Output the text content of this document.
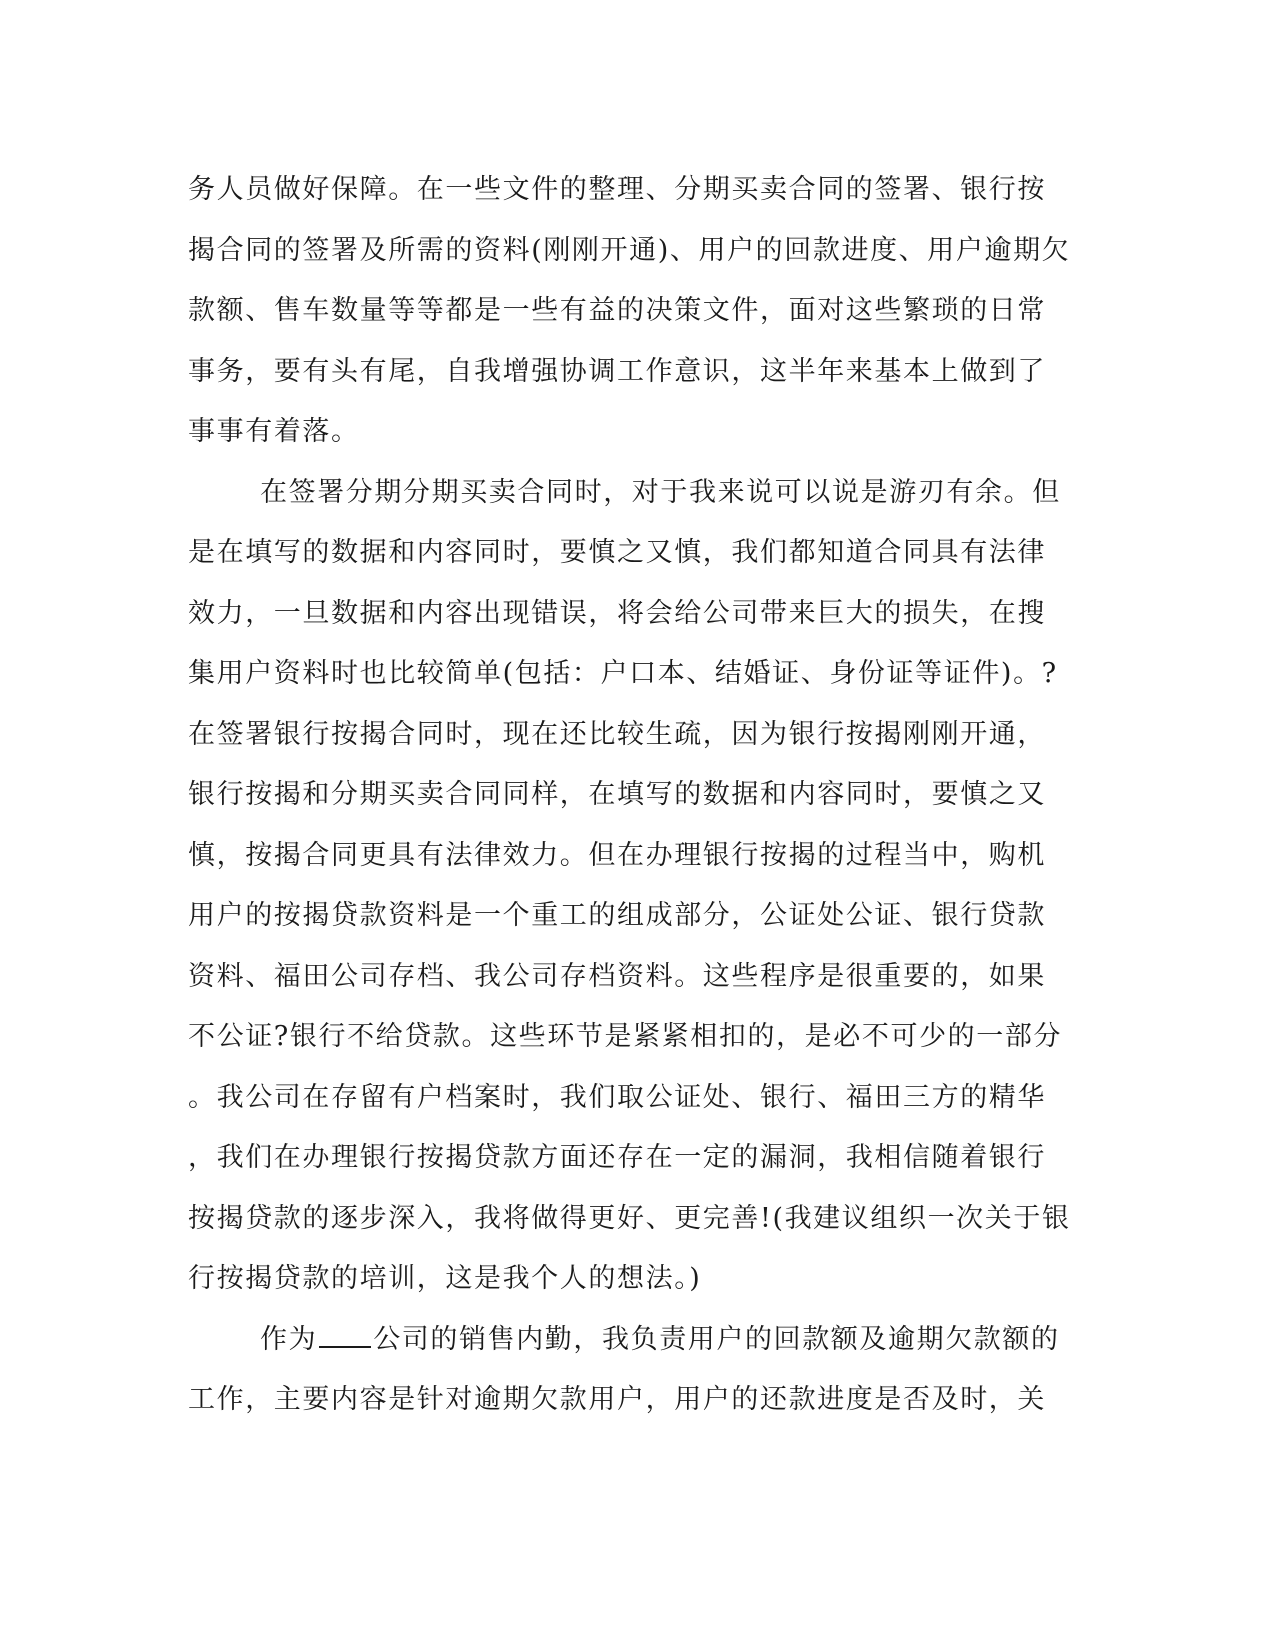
务人员做好保障。在一些文件的整理、分期买卖合同的签署、银行按
揭合同的签署及所需的资料(刚刚开通)、用户的回款进度、用户逾期欠
款额、售车数量等等都是一些有益的决策文件，面对这些繁琐的日常
事务，要有头有尾，自我增强协调工作意识，这半年来基本上做到了
事事有着落。
在签署分期分期买卖合同时，对于我来说可以说是游刃有余。但
是在填写的数据和内容同时，要慎之又慎，我们都知道合同具有法律
效力，一旦数据和内容出现错误，将会给公司带来巨大的损失，在搜
集用户资料时也比较简单(包括：户口本、结婚证、身份证等证件)。?
在签署银行按揭合同时，现在还比较生疏，因为银行按揭刚刚开通，
银行按揭和分期买卖合同同样，在填写的数据和内容同时，要慎之又
慎，按揭合同更具有法律效力。但在办理银行按揭的过程当中，购机
用户的按揭贷款资料是一个重工的组成部分，公证处公证、银行贷款
资料、福田公司存档、我公司存档资料。这些程序是很重要的，如果
不公证?银行不给贷款。这些环节是紧紧相扣的，是必不可少的一部分
。我公司在存留有户档案时，我们取公证处、银行、福田三方的精华
，我们在办理银行按揭贷款方面还存在一定的漏洞，我相信随着银行
按揭贷款的逐步深入，我将做得更好、更完善!(我建议组织一次关于银
行按揭贷款的培训，这是我个人的想法。)
作为 公司的销售内勤，我负责用户的回款额及逾期欠款额的
工作，主要内容是针对逾期欠款用户，用户的还款进度是否及时，关
